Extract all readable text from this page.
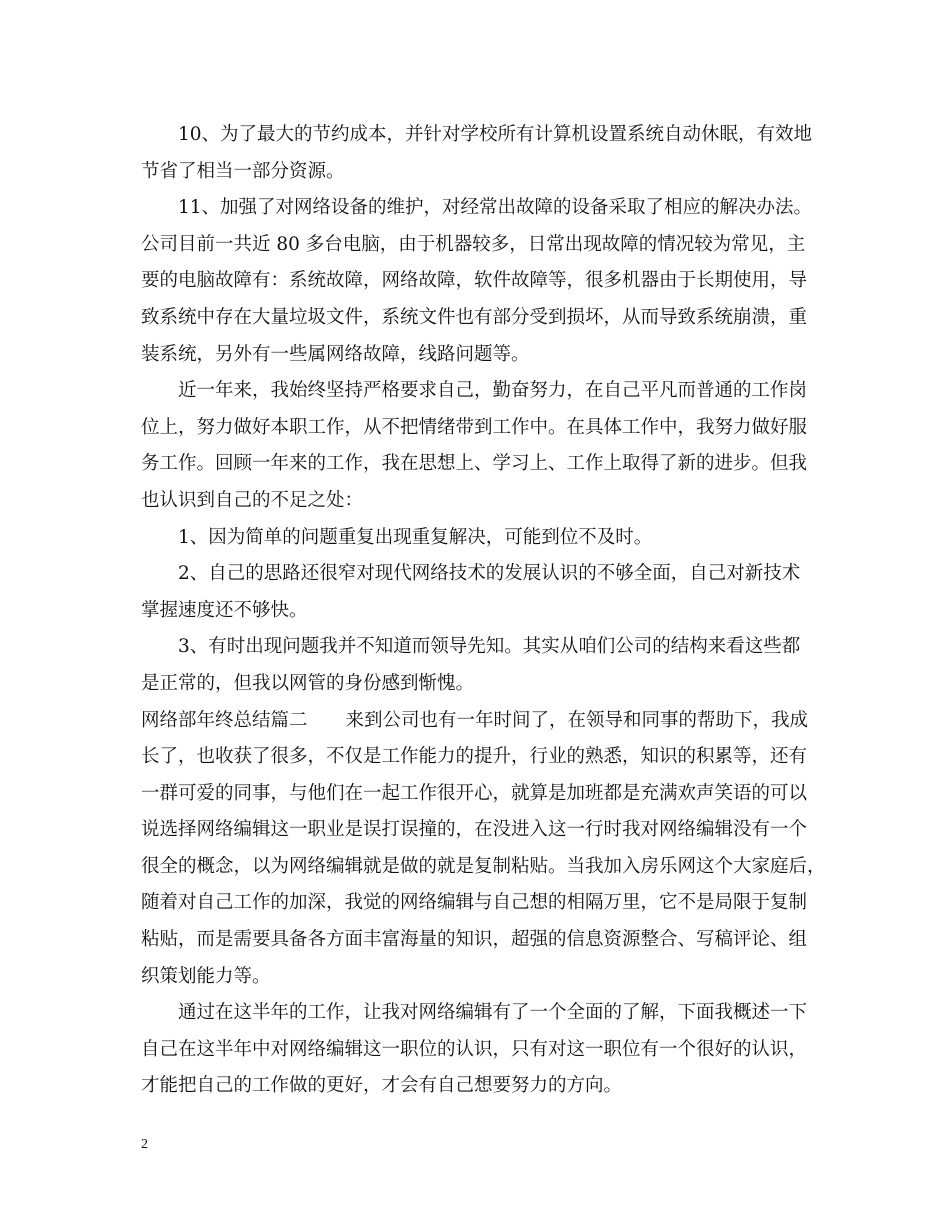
10、为了最大的节约成本，并针对学校所有计算机设置系统自动休眠，有效地
节省了相当一部分资源。
11、加强了对网络设备的维护，对经常出故障的设备采取了相应的解决办法。
公司目前一共近 80 多台电脑，由于机器较多，日常出现故障的情况较为常见，主
要的电脑故障有：系统故障，网络故障，软件故障等，很多机器由于长期使用，导
致系统中存在大量垃圾文件，系统文件也有部分受到损坏，从而导致系统崩溃，重
装系统，另外有一些属网络故障，线路问题等。
近一年来，我始终坚持严格要求自己，勤奋努力，在自己平凡而普通的工作岗
位上，努力做好本职工作，从不把情绪带到工作中。在具体工作中，我努力做好服
务工作。回顾一年来的工作，我在思想上、学习上、工作上取得了新的进步。但我
也认识到自己的不足之处：
1、因为简单的问题重复出现重复解决，可能到位不及时。
2、自己的思路还很窄对现代网络技术的发展认识的不够全面，自己对新技术
掌握速度还不够快。
3、有时出现问题我并不知道而领导先知。其实从咱们公司的结构来看这些都
是正常的，但我以网管的身份感到惭愧。
网络部年终总结篇二 来到公司也有一年时间了，在领导和同事的帮助下，我成
长了，也收获了很多，不仅是工作能力的提升，行业的熟悉，知识的积累等，还有
一群可爱的同事，与他们在一起工作很开心，就算是加班都是充满欢声笑语的可以
说选择网络编辑这一职业是误打误撞的，在没进入这一行时我对网络编辑没有一个
很全的概念，以为网络编辑就是做的就是复制粘贴。当我加入房乐网这个大家庭后，
随着对自己工作的加深，我觉的网络编辑与自己想的相隔万里，它不是局限于复制
粘贴，而是需要具备各方面丰富海量的知识，超强的信息资源整合、写稿评论、组
织策划能力等。
通过在这半年的工作，让我对网络编辑有了一个全面的了解，下面我概述一下
自己在这半年中对网络编辑这一职位的认识，只有对这一职位有一个很好的认识，
才能把自己的工作做的更好，才会有自己想要努力的方向。
2
